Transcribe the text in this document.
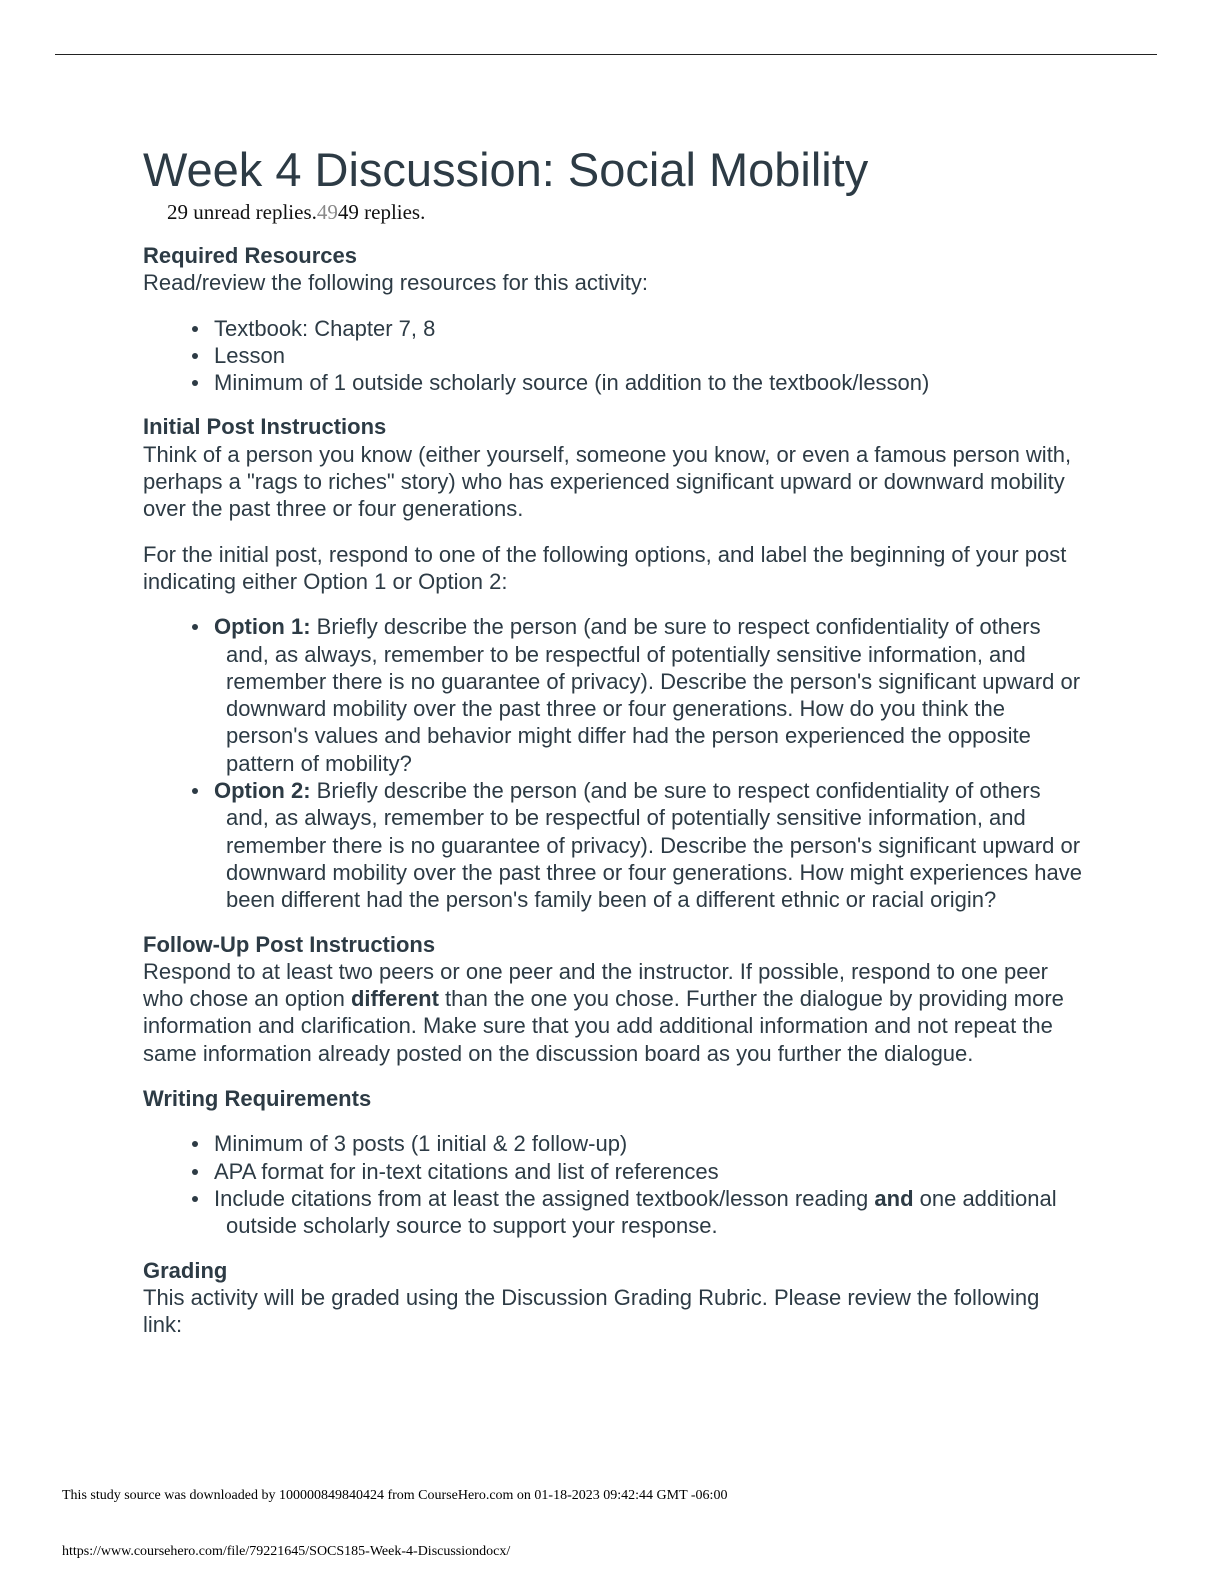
Week 4 Discussion: Social Mobility
29 unread replies.4949 replies.
Required Resources

Read/review the following resources for this activity:

Textbook: Chapter 7, 8
Lesson
Minimum of 1 outside scholarly source (in addition to the textbook/lesson)
Initial Post Instructions

Think of a person you know (either yourself, someone you know, or even a famous person with, perhaps a "rags to riches" story) who has experienced significant upward or downward mobility over the past three or four generations.

For the initial post, respond to one of the following options, and label the beginning of your post indicating either Option 1 or Option 2:

Option 1: Briefly describe the person (and be sure to respect confidentiality of others and, as always, remember to be respectful of potentially sensitive information, and remember there is no guarantee of privacy). Describe the person's significant upward or downward mobility over the past three or four generations. How do you think the person's values and behavior might differ had the person experienced the opposite pattern of mobility?
Option 2: Briefly describe the person (and be sure to respect confidentiality of others and, as always, remember to be respectful of potentially sensitive information, and remember there is no guarantee of privacy). Describe the person's significant upward or downward mobility over the past three or four generations. How might experiences have been different had the person's family been of a different ethnic or racial origin?
Follow-Up Post Instructions

Respond to at least two peers or one peer and the instructor. If possible, respond to one peer who chose an option different than the one you chose. Further the dialogue by providing more information and clarification. Make sure that you add additional information and not repeat the same information already posted on the discussion board as you further the dialogue.

Writing Requirements
Minimum of 3 posts (1 initial & 2 follow-up)
APA format for in-text citations and list of references
Include citations from at least the assigned textbook/lesson reading and one additional outside scholarly source to support your response.
Grading

This activity will be graded using the Discussion Grading Rubric. Please review the following link:

This study source was downloaded by 100000849840424 from CourseHero.com on 01-18-2023 09:42:44 GMT -06:00
https://www.coursehero.com/file/79221645/SOCS185-Week-4-Discussiondocx/
